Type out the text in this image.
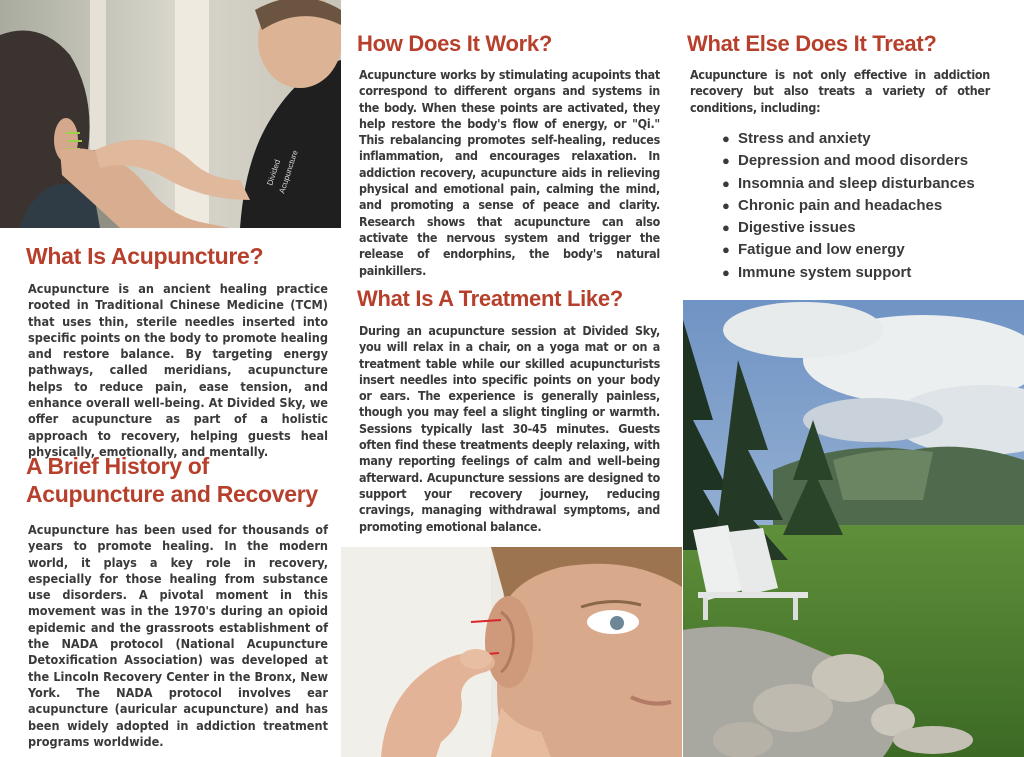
Divided
Acupuncture
What Is Acupuncture?

Acupuncture is an ancient healing practice rooted in Traditional Chinese Medicine (TCM) that uses thin, sterile needles inserted into specific points on the body to promote healing and restore balance. By targeting energy pathways, called meridians, acupuncture helps to reduce pain, ease tension, and enhance overall well-being. At Divided Sky, we offer acupuncture as part of a holistic approach to recovery, helping guests heal physically, emotionally, and mentally.

A Brief History of
Acupuncture and Recovery

Acupuncture has been used for thousands of years to promote healing. In the modern world, it plays a key role in recovery, especially for those healing from substance use disorders. A pivotal moment in this movement was in the 1970's during an opioid epidemic and the grassroots establishment of the NADA protocol (National Acupuncture Detoxification Association) was developed at the Lincoln Recovery Center in the Bronx, New York. The NADA protocol involves ear acupuncture (auricular acupuncture) and has been widely adopted in addiction treatment programs worldwide.

How Does It Work?

Acupuncture works by stimulating acupoints that correspond to different organs and systems in the body. When these points are activated, they help restore the body's flow of energy, or "Qi." This rebalancing promotes self-healing, reduces inflammation, and encourages relaxation. In addiction recovery, acupuncture aids in relieving physical and emotional pain, calming the mind, and promoting a sense of peace and clarity. Research shows that acupuncture can also activate the nervous system and trigger the release of endorphins, the body's natural painkillers.

What Is A Treatment Like?

During an acupuncture session at Divided Sky, you will relax in a chair, on a yoga mat or on a treatment table while our skilled acupuncturists insert needles into specific points on your body or ears. The experience is generally painless, though you may feel a slight tingling or warmth. Sessions typically last 30-45 minutes. Guests often find these treatments deeply relaxing, with many reporting feelings of calm and well-being afterward. Acupuncture sessions are designed to support your recovery journey, reducing cravings, managing withdrawal symptoms, and promoting emotional balance.

What Else Does It Treat?

Acupuncture is not only effective in addiction recovery but also treats a variety of other conditions, including:

● Stress and anxiety
● Depression and mood disorders
● Insomnia and sleep disturbances
● Chronic pain and headaches
● Digestive issues
● Fatigue and low energy
● Immune system support
